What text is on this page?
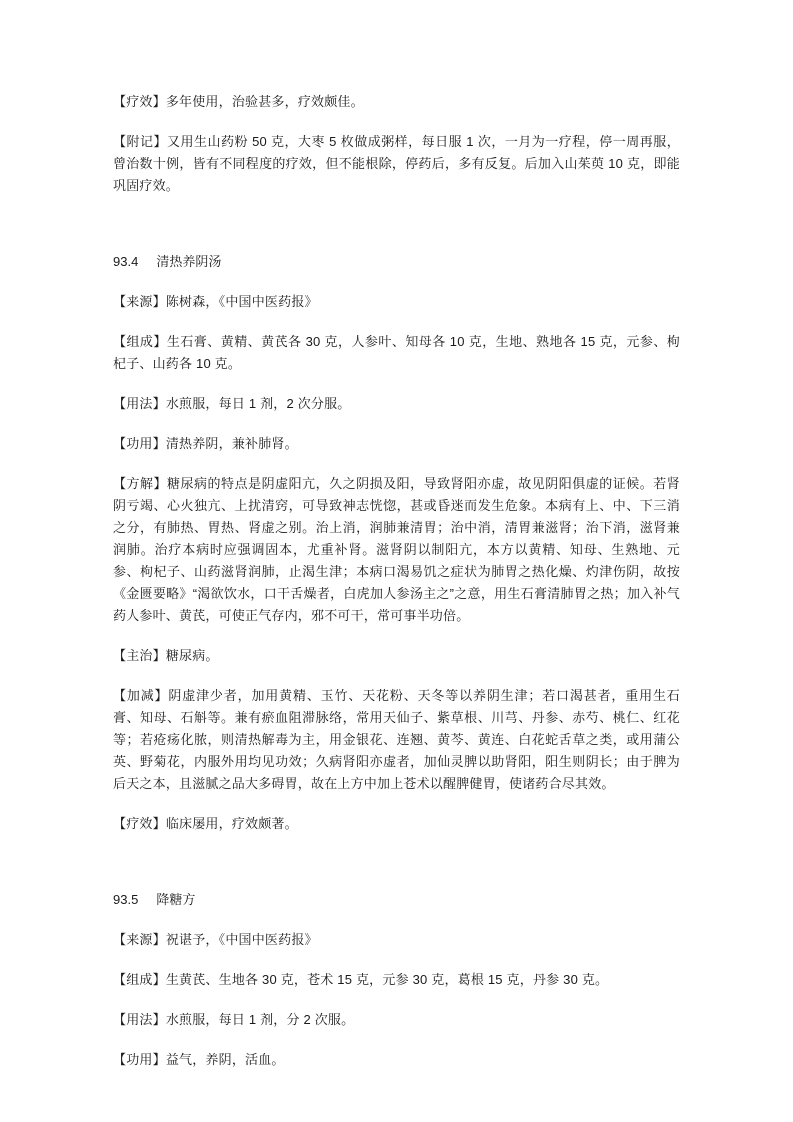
【疗效】多年使用，治验甚多，疗效颇佳。

【附记】又用生山药粉 50 克，大枣 5 枚做成粥样，每日服 1 次，一月为一疗程，停一周再服，曾治数十例，皆有不同程度的疗效，但不能根除，停药后，多有反复。后加入山茱萸 10 克，即能巩固疗效。

93.4 清热养阴汤

【来源】陈树森，《中国中医药报》

【组成】生石膏、黄精、黄芪各 30 克，人参叶、知母各 10 克，生地、熟地各 15 克，元参、枸杞子、山药各 10 克。

【用法】水煎服，每日 1 剂，2 次分服。

【功用】清热养阴，兼补肺肾。

【方解】糖尿病的特点是阴虚阳亢，久之阴损及阳，导致肾阳亦虚，故见阴阳俱虚的证候。若肾阴亏竭、心火独亢、上扰清窍，可导致神志恍惚，甚或昏迷而发生危象。本病有上、中、下三消之分，有肺热、胃热、肾虚之别。治上消，润肺兼清胃；治中消，清胃兼滋肾；治下消，滋肾兼润肺。治疗本病时应强调固本，尤重补肾。滋肾阴以制阳亢，本方以黄精、知母、生熟地、元参、枸杞子、山药滋肾润肺，止渴生津；本病口渴易饥之症状为肺胃之热化燥、灼津伤阴，故按《金匮要略》“渴欲饮水，口干舌燥者，白虎加人参汤主之”之意，用生石膏清肺胃之热；加入补气药人参叶、黄芪，可使正气存内，邪不可干，常可事半功倍。

【主治】糖尿病。

【加减】阴虚津少者，加用黄精、玉竹、天花粉、天冬等以养阴生津；若口渴甚者，重用生石膏、知母、石斛等。兼有瘀血阻滞脉络，常用天仙子、紫草根、川芎、丹参、赤芍、桃仁、红花等；若疮疡化脓，则清热解毒为主，用金银花、连翘、黄芩、黄连、白花蛇舌草之类，或用蒲公英、野菊花，内服外用均见功效；久病肾阳亦虚者，加仙灵脾以助肾阳，阳生则阴长；由于脾为后天之本，且滋腻之品大多碍胃，故在上方中加上苍术以醒脾健胃，使诸药合尽其效。

【疗效】临床屡用，疗效颇著。

93.5 降糖方

【来源】祝谌予，《中国中医药报》

【组成】生黄芪、生地各 30 克，苍术 15 克，元参 30 克，葛根 15 克，丹参 30 克。

【用法】水煎服，每日 1 剂，分 2 次服。

【功用】益气，养阴，活血。
